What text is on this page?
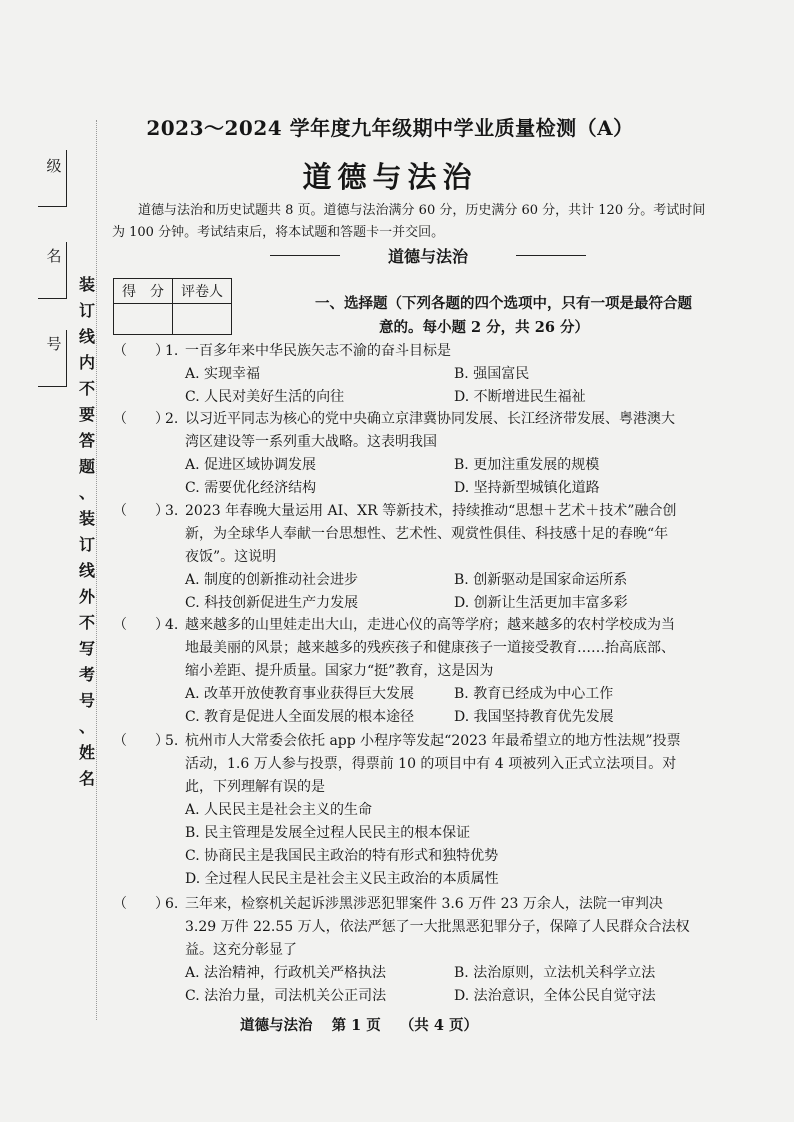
级
名
号
装
订
线
内
不
要
答
题
、
装
订
线
外
不
写
考
号
、
姓
名
2023～2024 学年度九年级期中学业质量检测（A）
道德与法治
道德与法治和历史试题共 8 页。道德与法治满分 60 分，历史满分 60 分，共计 120 分。考试时间为 100 分钟。考试结束后，将本试题和答题卡一并交回。
道德与法治
得　分	评卷人

一、选择题（下列各题的四个选项中，只有一项是最符合题
意的。每小题 2 分，共 26 分）
（　　）
1. 一百多年来中华民族矢志不渝的奋斗目标是
A. 实现幸福	B. 强国富民
C. 人民对美好生活的向往	D. 不断增进民生福祉
（　　）
2. 以习近平同志为核心的党中央确立京津冀协同发展、长江经济带发展、粤港澳大
湾区建设等一系列重大战略。这表明我国
A. 促进区域协调发展	B. 更加注重发展的规模
C. 需要优化经济结构	D. 坚持新型城镇化道路
（　　）
3. 2023 年春晚大量运用 AI、XR 等新技术，持续推动“思想＋艺术＋技术”融合创
新，为全球华人奉献一台思想性、艺术性、观赏性俱佳、科技感十足的春晚“年
夜饭”。这说明
A. 制度的创新推动社会进步	B. 创新驱动是国家命运所系
C. 科技创新促进生产力发展	D. 创新让生活更加丰富多彩
（　　）
4. 越来越多的山里娃走出大山，走进心仪的高等学府；越来越多的农村学校成为当
地最美丽的风景；越来越多的残疾孩子和健康孩子一道接受教育……抬高底部、
缩小差距、提升质量。国家力“挺”教育，这是因为
A. 改革开放使教育事业获得巨大发展	B. 教育已经成为中心工作
C. 教育是促进人全面发展的根本途径	D. 我国坚持教育优先发展
（　　）
5. 杭州市人大常委会依托 app 小程序等发起“2023 年最希望立的地方性法规”投票
活动，1.6 万人参与投票，得票前 10 的项目中有 4 项被列入正式立法项目。对
此，下列理解有误的是
A. 人民民主是社会主义的生命
B. 民主管理是发展全过程人民民主的根本保证
C. 协商民主是我国民主政治的特有形式和独特优势
D. 全过程人民民主是社会主义民主政治的本质属性
（　　）
6. 三年来，检察机关起诉涉黑涉恶犯罪案件 3.6 万件 23 万余人，法院一审判决
3.29 万件 22.55 万人，依法严惩了一大批黑恶犯罪分子，保障了人民群众合法权
益。这充分彰显了
A. 法治精神，行政机关严格执法	B. 法治原则，立法机关科学立法
C. 法治力量，司法机关公正司法	D. 法治意识，全体公民自觉守法
道德与法治 第 1 页 （共 4 页）
